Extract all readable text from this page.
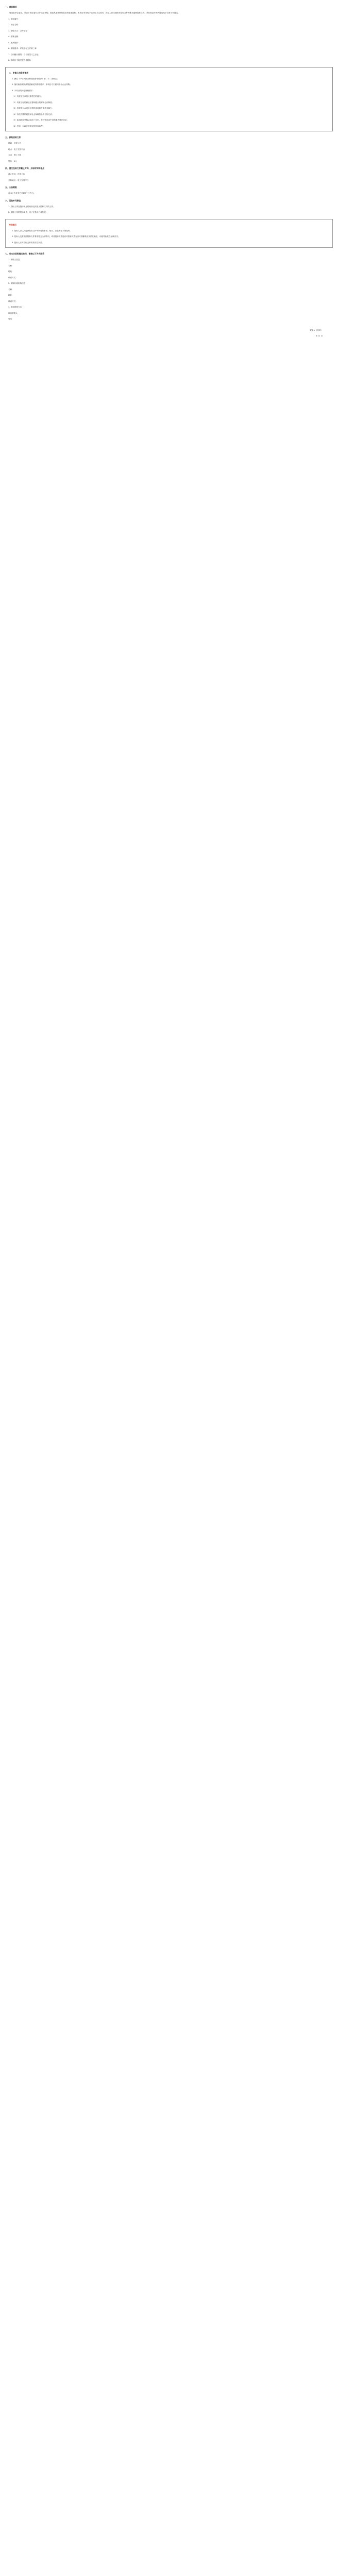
一、项目概况

受某某单位委托，对以下项目进行公开招标采购，欢迎具备条件的供应商参加投标。本项目采用电子招投标方式进行，投标人应当按照本招标文件的要求编制投标文件，并在规定时间内通过电子交易平台提交。

1. 项目编号：

2. 项目名称：

3. 采购方式：公开招标

4. 预算金额：

5. 最高限价：

6. 采购需求：详见招标文件第三章

7. 合同履行期限：自合同签订之日起

8. 本项目不接受联合体投标

二、申请人的资格要求

1. 满足《中华人民共和国政府采购法》第二十二条规定；

2. 落实政府采购政策需满足的资格要求：本项目专门面向中小企业采购；

3. 本项目的特定资格要求：

（1）具有独立承担民事责任的能力；

（2）具有良好的商业信誉和健全的财务会计制度；

（3）具有履行合同所必需的设备和专业技术能力；

（4）有依法缴纳税收和社会保障资金的良好记录；

（5）参加政府采购活动前三年内，在经营活动中没有重大违法记录；

（6）法律、行政法规规定的其他条件。

三、获取招标文件

时间：详见公告

地点：电子交易平台

方式：网上下载

售价：0元

四、提交投标文件截止时间、开标时间和地点

截止时间：详见公告

开标地点：电子交易平台

五、公告期限

自本公告发布之日起5个工作日。

六、其他补充事宜

1. 投标人须在投标截止时间前完成电子投标文件的上传。

2. 逾期上传的投标文件，电子交易平台将拒收。

特别提示

1. 投标人应认真阅读招标文件中所有的事项、格式、条款和技术规范等。

2. 投标人没有按照招标文件要求提交全部资料，或者投标文件没有对招标文件在各方面都做出实质性响应，可能导致其投标被否决。

3. 投标人应对投标文件的真实性负责。

七、对本次招标提出询问，请按以下方式联系

1. 采购人信息

名称：

地址：

联系方式：

2. 采购代理机构信息

名称：

地址：

联系方式：

3. 项目联系方式

项目联系人：

电话：

采购人（盖章）

年 月 日
